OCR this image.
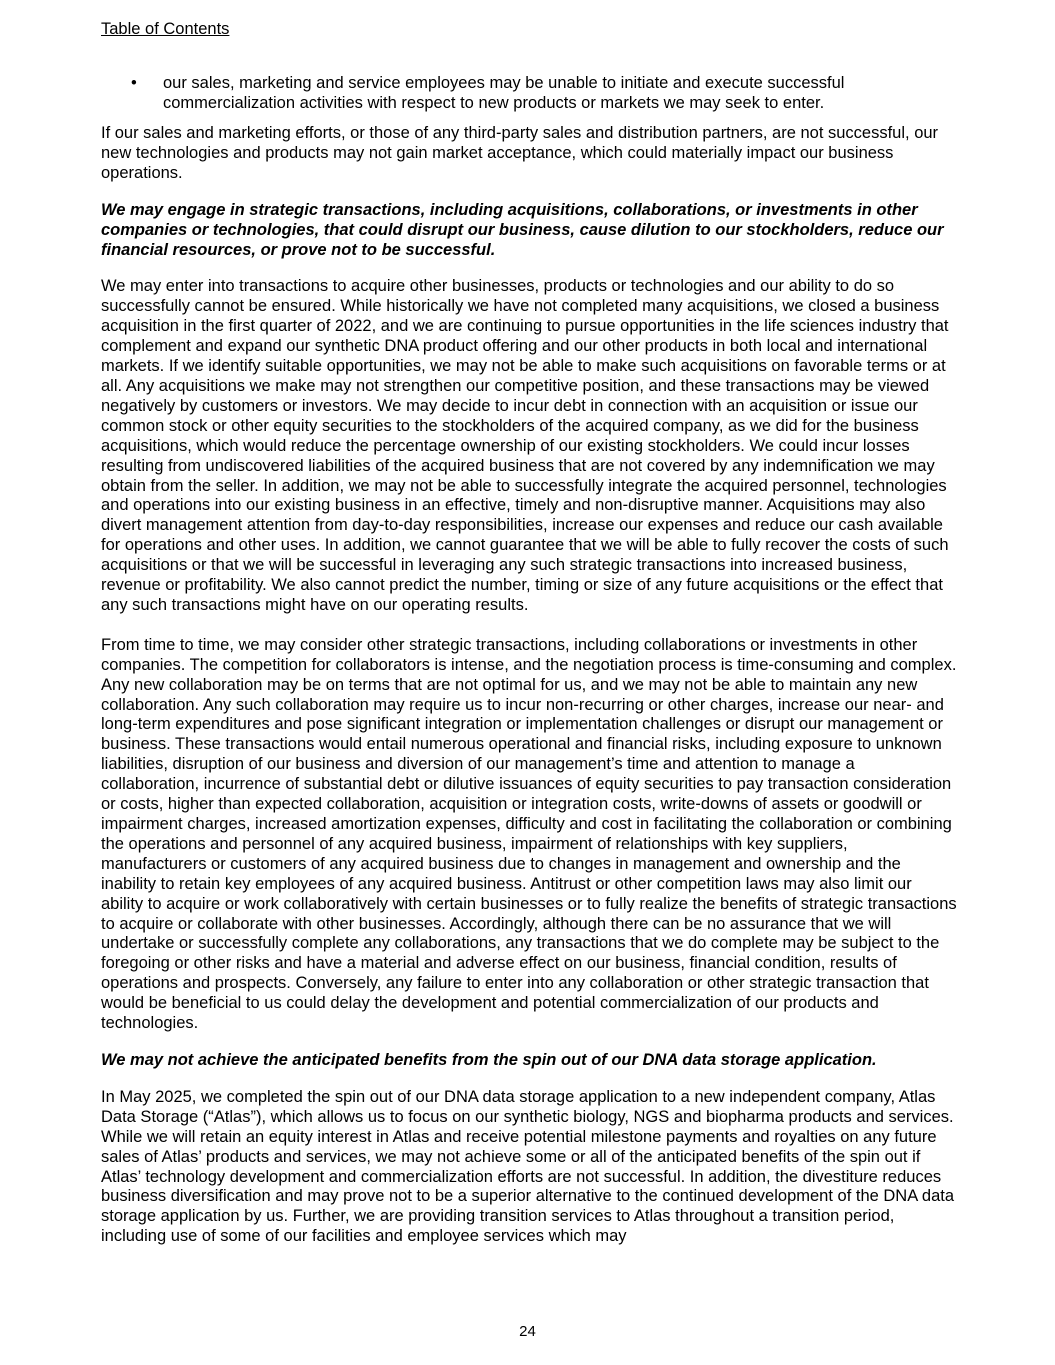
Table of Contents
• our sales, marketing and service employees may be unable to initiate and execute successful commercialization activities with respect to new products or markets we may seek to enter.

If our sales and marketing efforts, or those of any third-party sales and distribution partners, are not successful, our new technologies and products may not gain market acceptance, which could materially impact our business operations.

We may engage in strategic transactions, including acquisitions, collaborations, or investments in other companies or technologies, that could disrupt our business, cause dilution to our stockholders, reduce our financial resources, or prove not to be successful.

We may enter into transactions to acquire other businesses, products or technologies and our ability to do so successfully cannot be ensured. While historically we have not completed many acquisitions, we closed a business acquisition in the first quarter of 2022, and we are continuing to pursue opportunities in the life sciences industry that complement and expand our synthetic DNA product offering and our other products in both local and international markets. If we identify suitable opportunities, we may not be able to make such acquisitions on favorable terms or at all. Any acquisitions we make may not strengthen our competitive position, and these transactions may be viewed negatively by customers or investors. We may decide to incur debt in connection with an acquisition or issue our common stock or other equity securities to the stockholders of the acquired company, as we did for the business acquisitions, which would reduce the percentage ownership of our existing stockholders. We could incur losses resulting from undiscovered liabilities of the acquired business that are not covered by any indemnification we may obtain from the seller. In addition, we may not be able to successfully integrate the acquired personnel, technologies and operations into our existing business in an effective, timely and non-disruptive manner. Acquisitions may also divert management attention from day-to-day responsibilities, increase our expenses and reduce our cash available for operations and other uses. In addition, we cannot guarantee that we will be able to fully recover the costs of such acquisitions or that we will be successful in leveraging any such strategic transactions into increased business, revenue or profitability. We also cannot predict the number, timing or size of any future acquisitions or the effect that any such transactions might have on our operating results.

From time to time, we may consider other strategic transactions, including collaborations or investments in other companies. The competition for collaborators is intense, and the negotiation process is time-consuming and complex. Any new collaboration may be on terms that are not optimal for us, and we may not be able to maintain any new collaboration. Any such collaboration may require us to incur non-recurring or other charges, increase our near- and long-term expenditures and pose significant integration or implementation challenges or disrupt our management or business. These transactions would entail numerous operational and financial risks, including exposure to unknown liabilities, disruption of our business and diversion of our management’s time and attention to manage a collaboration, incurrence of substantial debt or dilutive issuances of equity securities to pay transaction consideration or costs, higher than expected collaboration, acquisition or integration costs, write-downs of assets or goodwill or impairment charges, increased amortization expenses, difficulty and cost in facilitating the collaboration or combining the operations and personnel of any acquired business, impairment of relationships with key suppliers, manufacturers or customers of any acquired business due to changes in management and ownership and the inability to retain key employees of any acquired business. Antitrust or other competition laws may also limit our ability to acquire or work collaboratively with certain businesses or to fully realize the benefits of strategic transactions to acquire or collaborate with other businesses. Accordingly, although there can be no assurance that we will undertake or successfully complete any collaborations, any transactions that we do complete may be subject to the foregoing or other risks and have a material and adverse effect on our business, financial condition, results of operations and prospects. Conversely, any failure to enter into any collaboration or other strategic transaction that would be beneficial to us could delay the development and potential commercialization of our products and technologies.

We may not achieve the anticipated benefits from the spin out of our DNA data storage application.

In May 2025, we completed the spin out of our DNA data storage application to a new independent company, Atlas Data Storage (“Atlas”), which allows us to focus on our synthetic biology, NGS and biopharma products and services. While we will retain an equity interest in Atlas and receive potential milestone payments and royalties on any future sales of Atlas’ products and services, we may not achieve some or all of the anticipated benefits of the spin out if Atlas’ technology development and commercialization efforts are not successful. In addition, the divestiture reduces business diversification and may prove not to be a superior alternative to the continued development of the DNA data storage application by us. Further, we are providing transition services to Atlas throughout a transition period, including use of some of our facilities and employee services which may

24
